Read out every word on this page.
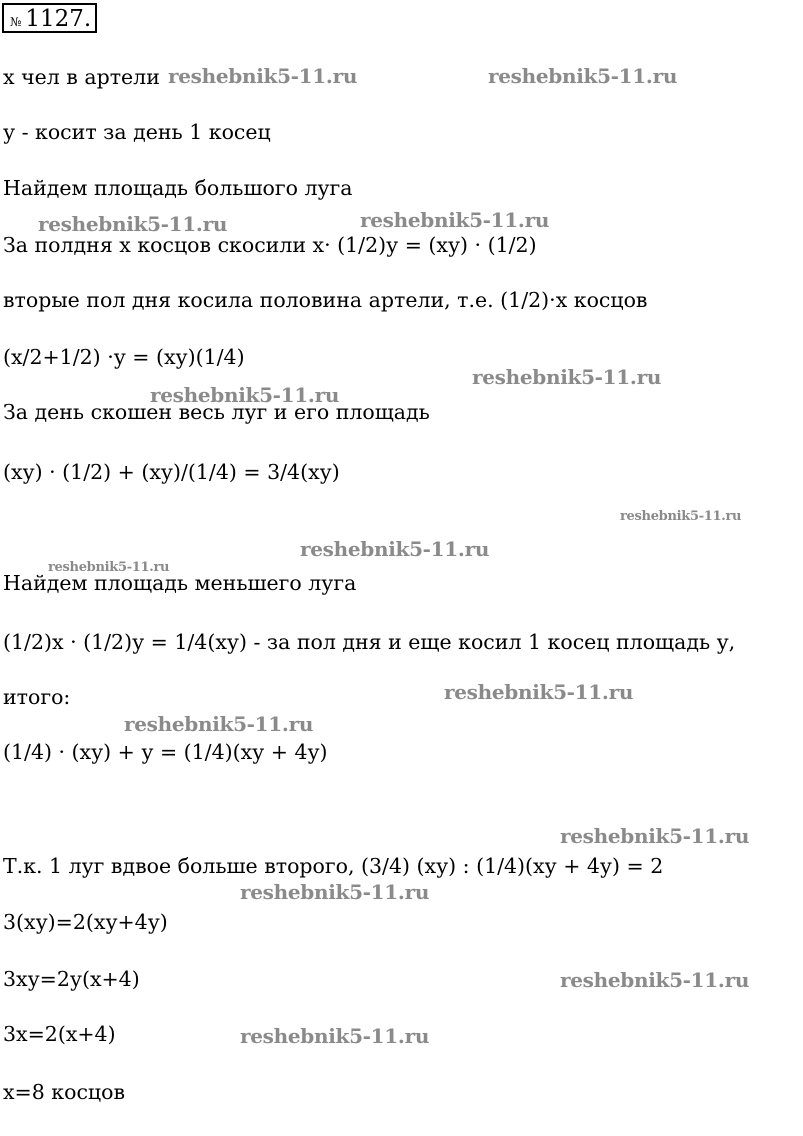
№ 1127.
х чел в артели
у - косит за день 1 косец
Найдем площадь большого луга
За полдня х косцов скосили х· (1/2)у = (ху) · (1/2)
вторые пол дня косила половина артели, т.е. (1/2)·х косцов
(х/2+1/2) ·у = (ху)(1/4)
За день скошен весь луг и его площадь
(ху) · (1/2) + (ху)/(1/4) = 3/4(ху)
Найдем площадь меньшего луга
(1/2)х · (1/2)у = 1/4(ху) - за пол дня и еще косил 1 косец площадь у,
итого:
(1/4) · (ху) + у = (1/4)(ху + 4у)
Т.к. 1 луг вдвое больше второго, (3/4) (ху) : (1/4)(ху + 4у) = 2
3(ху)=2(ху+4у)
3ху=2у(х+4)
3х=2(х+4)
х=8 косцов
reshebnik5-11.ru	reshebnik5-11.ru
reshebnik5-11.ru	reshebnik5-11.ru
reshebnik5-11.ru
reshebnik5-11.ru
reshebnik5-11.ru
reshebnik5-11.ru
reshebnik5-11.ru
reshebnik5-11.ru
reshebnik5-11.ru
reshebnik5-11.ru
reshebnik5-11.ru
reshebnik5-11.ru
reshebnik5-11.ru
